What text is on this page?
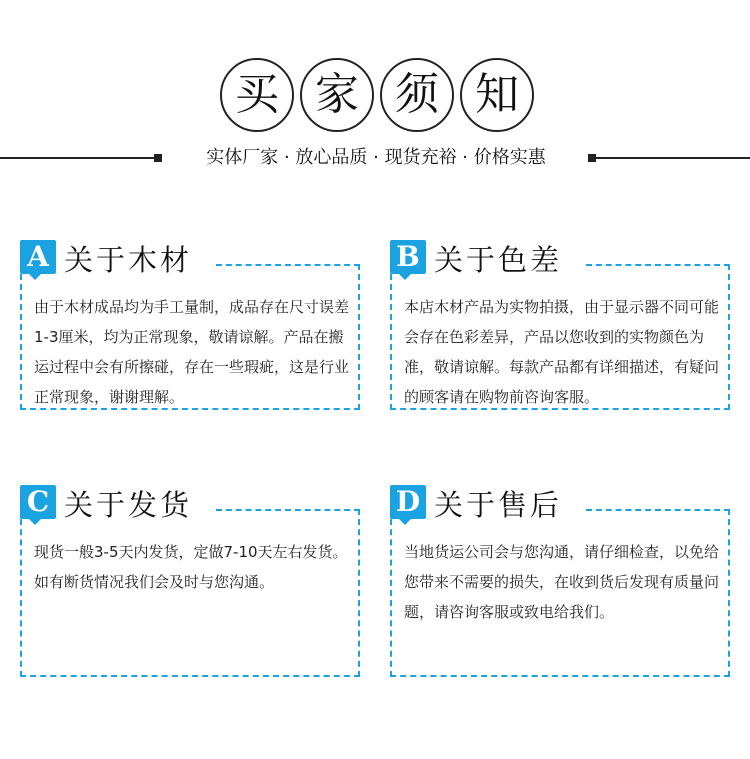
买 家 须 知
实体厂家 · 放心品质 · 现货充裕 · 价格实惠
A 关于木材
由于木材成品均为手工量制，成品存在尺寸误差1-3厘米，均为正常现象，敬请谅解。产品在搬运过程中会有所擦碰，存在一些瑕疵，这是行业正常现象，谢谢理解。
B 关于色差
本店木材产品为实物拍摄，由于显示器不同可能会存在色彩差异，产品以您收到的实物颜色为准，敬请谅解。每款产品都有详细描述，有疑问的顾客请在购物前咨询客服。
C 关于发货
现货一般3-5天内发货，定做7-10天左右发货。如有断货情况我们会及时与您沟通。
D 关于售后
当地货运公司会与您沟通，请仔细检查，以免给您带来不需要的损失，在收到货后发现有质量问题，请咨询客服或致电给我们。
